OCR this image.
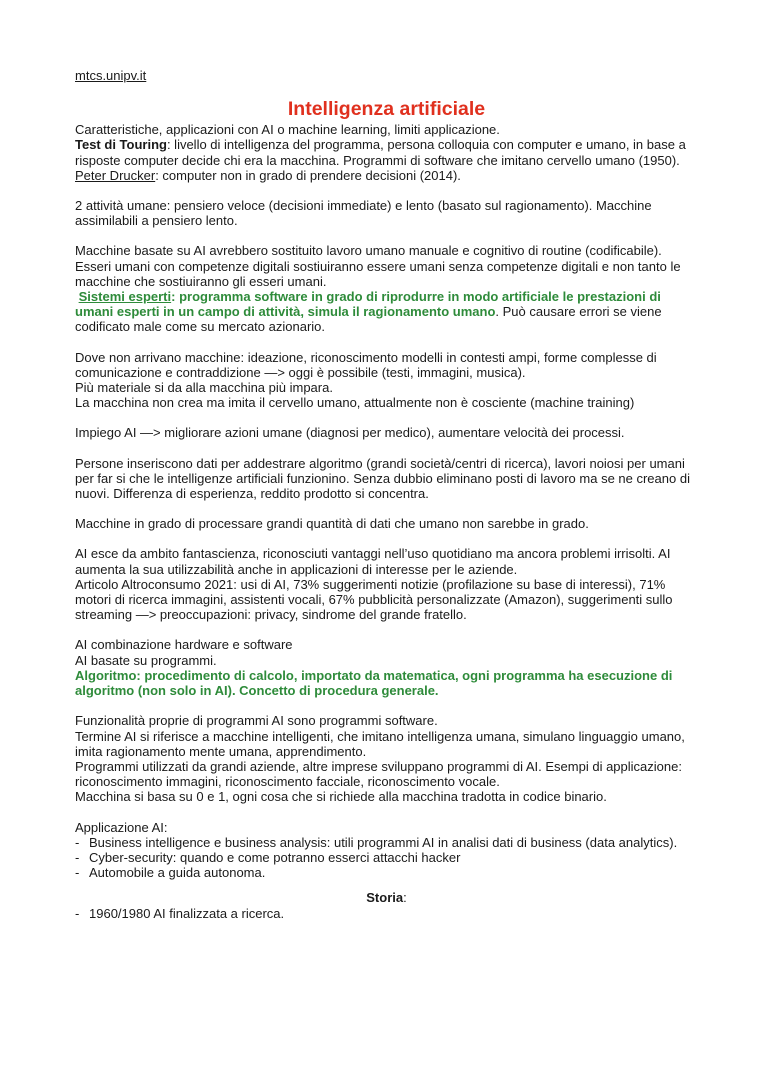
mtcs.unipv.it

Intelligenza artificiale

Caratteristiche, applicazioni con AI o machine learning, limiti applicazione.

Test di Touring: livello di intelligenza del programma, persona colloquia con computer e umano, in base a risposte computer decide chi era la macchina. Programmi di software che imitano cervello umano (1950).

Peter Drucker: computer non in grado di prendere decisioni (2014).

2 attività umane: pensiero veloce (decisioni immediate) e lento (basato sul ragionamento). Macchine assimilabili a pensiero lento.

Macchine basate su AI avrebbero sostituito lavoro umano manuale e cognitivo di routine (codificabile). Esseri umani con competenze digitali sostiuiranno essere umani senza competenze digitali e non tanto le macchine che sostiuiranno gli esseri umani.

Sistemi esperti: programma software in grado di riprodurre in modo artificiale le prestazioni di umani esperti in un campo di attività, simula il ragionamento umano. Può causare errori se viene codificato male come su mercato azionario.

Dove non arrivano macchine: ideazione, riconoscimento modelli in contesti ampi, forme complesse di comunicazione e contraddizione —> oggi è possibile (testi, immagini, musica).

Più materiale si da alla macchina più impara.

La macchina non crea ma imita il cervello umano, attualmente non è cosciente (machine training)

Impiego AI —> migliorare azioni umane (diagnosi per medico), aumentare velocità dei processi.

Persone inseriscono dati per addestrare algoritmo (grandi società/centri di ricerca), lavori noiosi per umani per far si che le intelligenze artificiali funzionino. Senza dubbio eliminano posti di lavoro ma se ne creano di nuovi. Differenza di esperienza, reddito prodotto si concentra.

Macchine in grado di processare grandi quantità di dati che umano non sarebbe in grado.

AI esce da ambito fantascienza, riconosciuti vantaggi nell’uso quotidiano ma ancora problemi irrisolti. AI aumenta la sua utilizzabilità anche in applicazioni di interesse per le aziende.

Articolo Altroconsumo 2021: usi di AI, 73% suggerimenti notizie (profilazione su base di interessi), 71% motori di ricerca immagini, assistenti vocali, 67% pubblicità personalizzate (Amazon), suggerimenti sullo streaming —> preoccupazioni: privacy, sindrome del grande fratello.

AI combinazione hardware e software

AI basate su programmi.

Algoritmo: procedimento di calcolo, importato da matematica, ogni programma ha esecuzione di algoritmo (non solo in AI). Concetto di procedura generale.

Funzionalità proprie di programmi AI sono programmi software.

Termine AI si riferisce a macchine intelligenti, che imitano intelligenza umana, simulano linguaggio umano, imita ragionamento mente umana, apprendimento.

Programmi utilizzati da grandi aziende, altre imprese sviluppano programmi di AI. Esempi di applicazione: riconoscimento immagini, riconoscimento facciale, riconoscimento vocale.

Macchina si basa su 0 e 1, ogni cosa che si richiede alla macchina tradotta in codice binario.

Applicazione AI:

- Business intelligence e business analysis: utili programmi AI in analisi dati di business (data analytics).
- Cyber-security: quando e come potranno esserci attacchi hacker
- Automobile a guida autonoma.

Storia:

- 1960/1980 AI finalizzata a ricerca.
